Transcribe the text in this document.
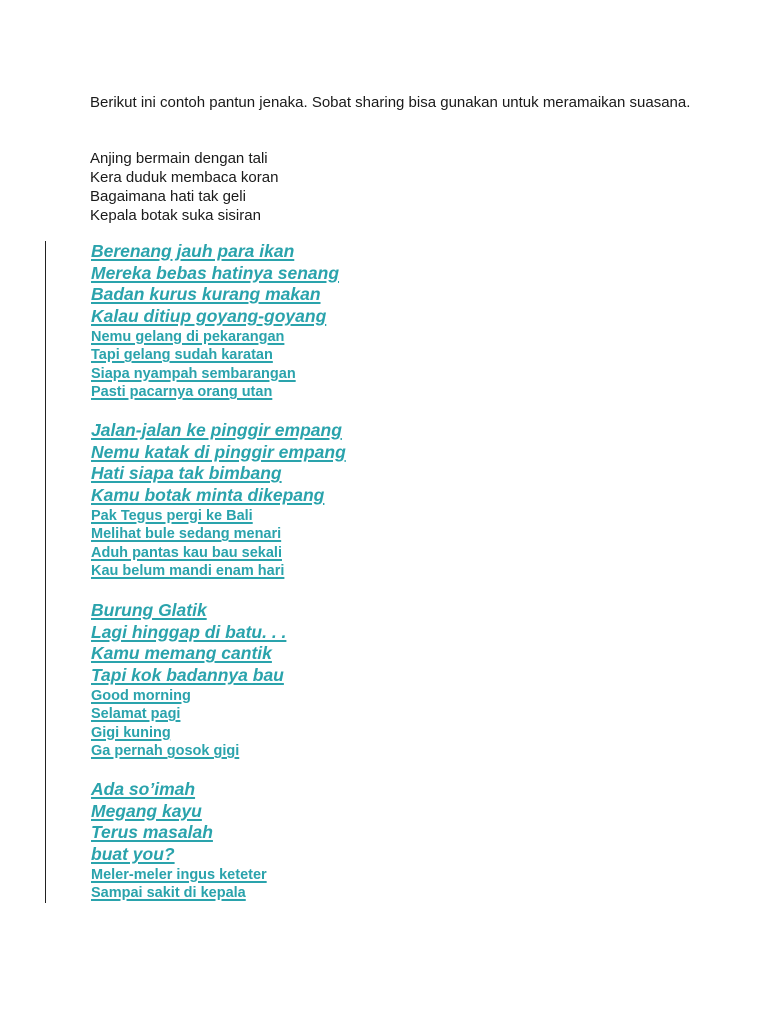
Berikut ini contoh pantun jenaka. Sobat sharing bisa gunakan untuk meramaikan suasana.

Anjing bermain dengan tali
Kera duduk membaca koran
Bagaimana hati tak geli
Kepala botak suka sisiran
Berenang jauh para ikan
Mereka bebas hatinya senang
Badan kurus kurang makan
Kalau ditiup goyang-goyang
Nemu gelang di pekarangan
Tapi gelang sudah karatan
Siapa nyampah sembarangan
Pasti pacarnya orang utan
Jalan-jalan ke pinggir empang
Nemu katak di pinggir empang
Hati siapa tak bimbang
Kamu botak minta dikepang
Pak Tegus pergi ke Bali
Melihat bule sedang menari
Aduh pantas kau bau sekali
Kau belum mandi enam hari
Burung Glatik
Lagi hinggap di batu. . .
Kamu memang cantik
Tapi kok badannya bau
Good morning
Selamat pagi
Gigi kuning
Ga pernah gosok gigi
Ada so’imah
Megang kayu
Terus masalah
buat you?
Meler-meler ingus keteter
Sampai sakit di kepala
